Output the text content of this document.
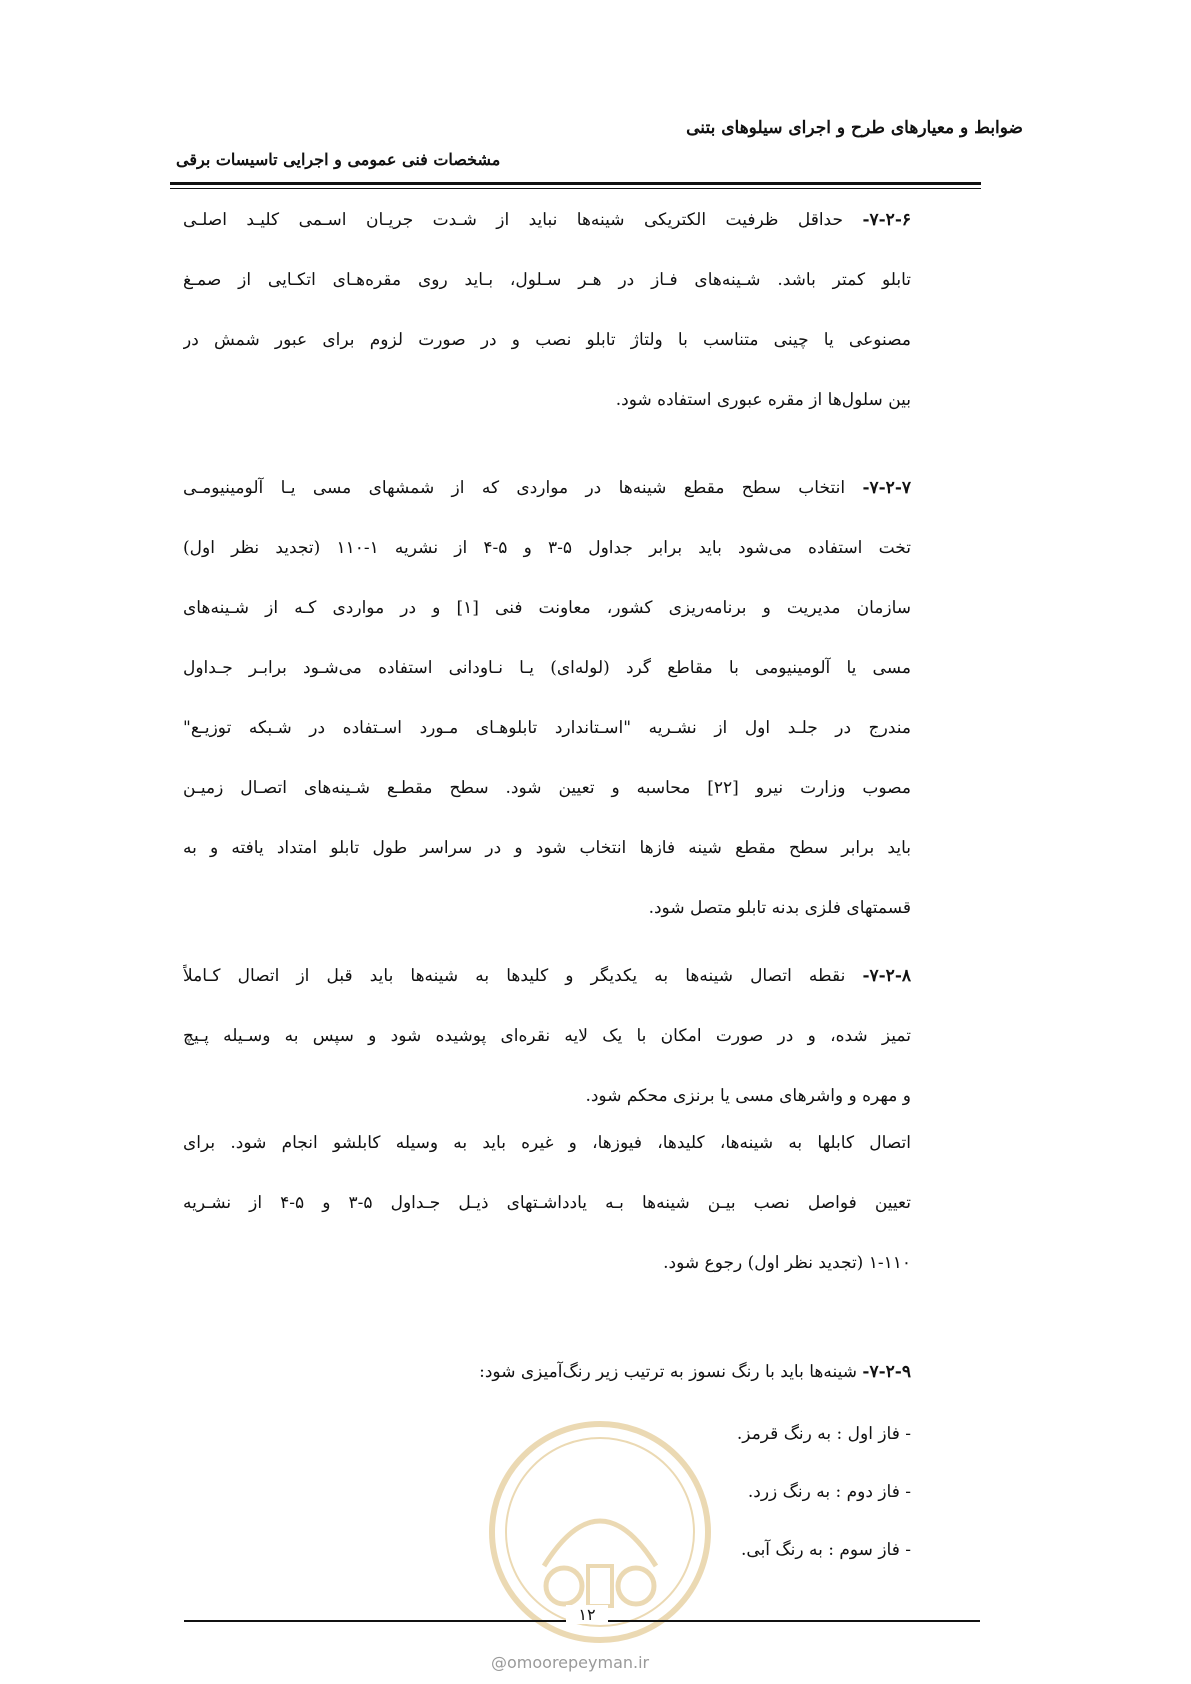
ضوابط و معیارهای طرح و اجرای سیلوهای بتنی
مشخصات فنی عمومی و اجرایی تاسیسات برقی
۷-۲-۶- حداقل ظرفیت الکتریکی شینه‌ها نباید از شـدت جریـان اسـمی کلیـد اصلـی
تابلو کمتر باشد. شـینه‌های فـاز در هـر سـلول، بـاید روی مقره‌هـای اتکـایی از صمـغ
مصنوعی یا چینی متناسب با ولتاژ تابلو نصب و در صورت لزوم برای عبور شمش در
بین سلول‌ها از مقره عبوری استفاده شود.
۷-۲-۷- انتخاب سطح مقطع شینه‌ها در مواردی که از شمشهای مسی یـا آلومینیومـی
تخت استفاده می‌شود باید برابر جداول ۵-۳ و ۵-۴ از نشریه ۱-۱۱۰ (تجدید نظر اول)
سازمان مدیریت و برنامه‌ریزی کشور، معاونت فنی [۱] و در مواردی کـه از شـینه‌های
مسی یا آلومینیومی با مقاطع گرد (لوله‌ای) یـا نـاودانی استفاده می‌شـود برابـر جـداول
مندرج در جلـد اول از نشـریه "اسـتاندارد تابلوهـای مـورد اسـتفاده در شـبکه توزیـع"
مصوب وزارت نیرو [۲۲] محاسبه و تعیین شود. سطح مقطـع شـینه‌های اتصـال زمیـن
باید برابر سطح مقطع شینه فازها انتخاب شود و در سراسر طول تابلو امتداد یافته و به
قسمتهای فلزی بدنه تابلو متصل شود.
۷-۲-۸- نقطه اتصال شینه‌ها به یکدیگر و کلیدها به شینه‌ها باید قبل از اتصال کـاملاً
تمیز شده، و در صورت امکان با یک لایه نقره‌ای پوشیده شود و سپس به وسـیله پـیچ
و مهره و واشرهای مسی یا برنزی محکم شود.
اتصال کابلها به شینه‌ها، کلیدها، فیوزها، و غیره باید به وسیله کابلشو انجام شود. برای
تعیین فواصل نصب بیـن شینه‌ها بـه یادداشـتهای ذیـل جـداول ۵-۳ و ۵-۴ از نشـریه
۱-۱۱۰ (تجدید نظر اول) رجوع شود.
۷-۲-۹- شینه‌ها باید با رنگ نسوز به ترتیب زیر رنگ‌آمیزی شود:
- فاز اول : به رنگ قرمز.
- فاز دوم : به رنگ زرد.
- فاز سوم : به رنگ آبی.
۱۲
@omoorepeyman.ir
